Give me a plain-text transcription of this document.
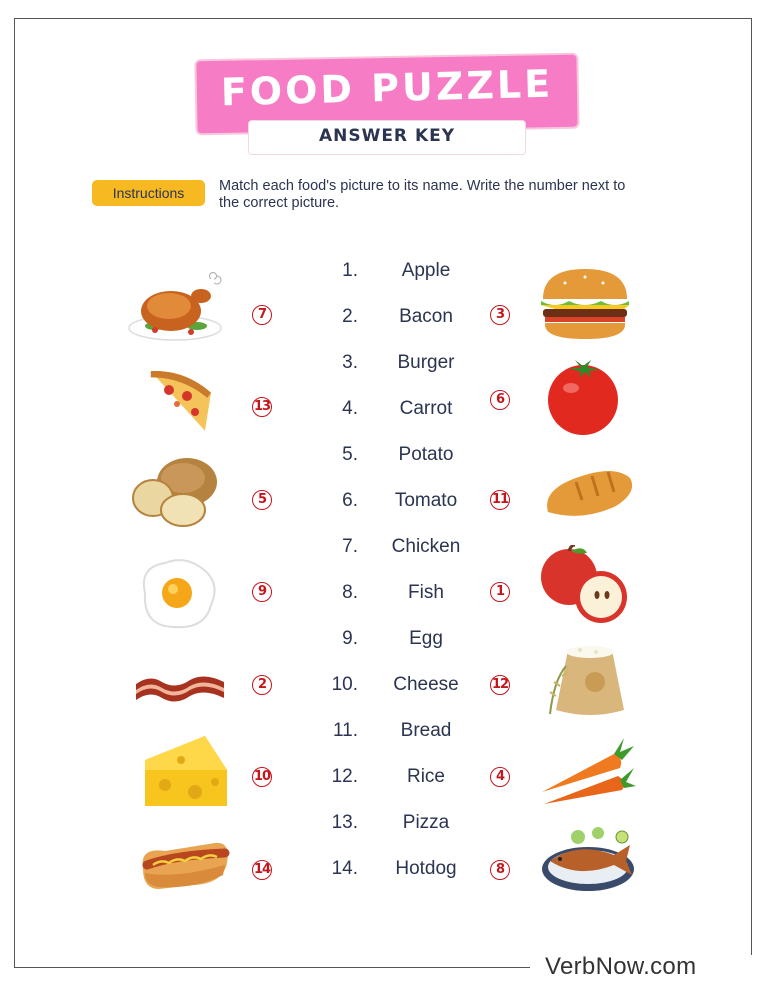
VerbNow.com
FOOD PUZZLE
ANSWER KEY
Instructions	Match each food's picture to its name. Write the number next to the correct picture.
1.	Apple
2.	Bacon
3.	Burger
4.	Carrot
5.	Potato
6.	Tomato
7.	Chicken
8.	Fish
9.	Egg
10.	Cheese
11.	Bread
12.	Rice
13.	Pizza
14.	Hotdog
7
13
5
9
2
10
14
3
6
11
1
12
4
8
